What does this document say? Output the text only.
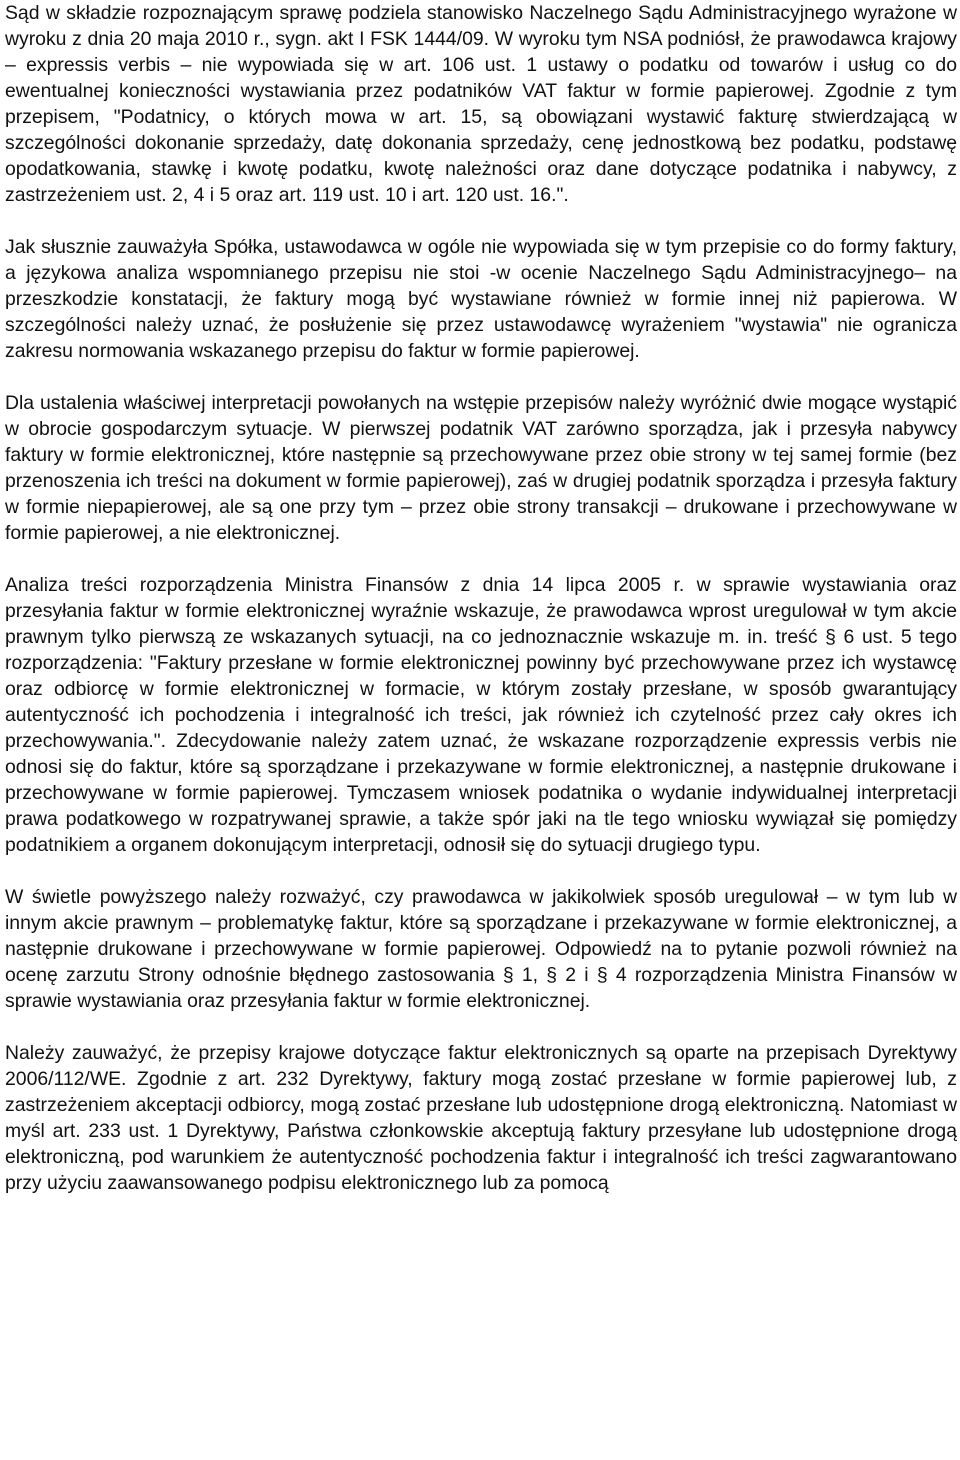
Sąd w składzie rozpoznającym sprawę podziela stanowisko Naczelnego Sądu Administracyjnego wyrażone w wyroku z dnia 20 maja 2010 r., sygn. akt I FSK 1444/09. W wyroku tym NSA podniósł, że prawodawca krajowy – expressis verbis – nie wypowiada się w art. 106 ust. 1 ustawy o podatku od towarów i usług co do ewentualnej konieczności wystawiania przez podatników VAT faktur w formie papierowej. Zgodnie z tym przepisem, "Podatnicy, o których mowa w art. 15, są obowiązani wystawić fakturę stwierdzającą w szczególności dokonanie sprzedaży, datę dokonania sprzedaży, cenę jednostkową bez podatku, podstawę opodatkowania, stawkę i kwotę podatku, kwotę należności oraz dane dotyczące podatnika i nabywcy, z zastrzeżeniem ust. 2, 4 i 5 oraz art. 119 ust. 10 i art. 120 ust. 16.".

Jak słusznie zauważyła Spółka, ustawodawca w ogóle nie wypowiada się w tym przepisie co do formy faktury, a językowa analiza wspomnianego przepisu nie stoi -w ocenie Naczelnego Sądu Administracyjnego– na przeszkodzie konstatacji, że faktury mogą być wystawiane również w formie innej niż papierowa. W szczególności należy uznać, że posłużenie się przez ustawodawcę wyrażeniem "wystawia" nie ogranicza zakresu normowania wskazanego przepisu do faktur w formie papierowej.

Dla ustalenia właściwej interpretacji powołanych na wstępie przepisów należy wyróżnić dwie mogące wystąpić w obrocie gospodarczym sytuacje. W pierwszej podatnik VAT zarówno sporządza, jak i przesyła nabywcy faktury w formie elektronicznej, które następnie są przechowywane przez obie strony w tej samej formie (bez przenoszenia ich treści na dokument w formie papierowej), zaś w drugiej podatnik sporządza i przesyła faktury w formie niepapierowej, ale są one przy tym – przez obie strony transakcji – drukowane i przechowywane w formie papierowej, a nie elektronicznej.

Analiza treści rozporządzenia Ministra Finansów z dnia 14 lipca 2005 r. w sprawie wystawiania oraz przesyłania faktur w formie elektronicznej wyraźnie wskazuje, że prawodawca wprost uregulował w tym akcie prawnym tylko pierwszą ze wskazanych sytuacji, na co jednoznacznie wskazuje m. in. treść § 6 ust. 5 tego rozporządzenia: "Faktury przesłane w formie elektronicznej powinny być przechowywane przez ich wystawcę oraz odbiorcę w formie elektronicznej w formacie, w którym zostały przesłane, w sposób gwarantujący autentyczność ich pochodzenia i integralność ich treści, jak również ich czytelność przez cały okres ich przechowywania.". Zdecydowanie należy zatem uznać, że wskazane rozporządzenie expressis verbis nie odnosi się do faktur, które są sporządzane i przekazywane w formie elektronicznej, a następnie drukowane i przechowywane w formie papierowej. Tymczasem wniosek podatnika o wydanie indywidualnej interpretacji prawa podatkowego w rozpatrywanej sprawie, a także spór jaki na tle tego wniosku wywiązał się pomiędzy podatnikiem a organem dokonującym interpretacji, odnosił się do sytuacji drugiego typu.

W świetle powyższego należy rozważyć, czy prawodawca w jakikolwiek sposób uregulował – w tym lub w innym akcie prawnym – problematykę faktur, które są sporządzane i przekazywane w formie elektronicznej, a następnie drukowane i przechowywane w formie papierowej. Odpowiedź na to pytanie pozwoli również na ocenę zarzutu Strony odnośnie błędnego zastosowania § 1, § 2 i § 4 rozporządzenia Ministra Finansów w sprawie wystawiania oraz przesyłania faktur w formie elektronicznej.

Należy zauważyć, że przepisy krajowe dotyczące faktur elektronicznych są oparte na przepisach Dyrektywy 2006/112/WE. Zgodnie z art. 232 Dyrektywy, faktury mogą zostać przesłane w formie papierowej lub, z zastrzeżeniem akceptacji odbiorcy, mogą zostać przesłane lub udostępnione drogą elektroniczną. Natomiast w myśl art. 233 ust. 1 Dyrektywy, Państwa członkowskie akceptują faktury przesyłane lub udostępnione drogą elektroniczną, pod warunkiem że autentyczność pochodzenia faktur i integralność ich treści zagwarantowano przy użyciu zaawansowanego podpisu elektronicznego lub za pomocą
